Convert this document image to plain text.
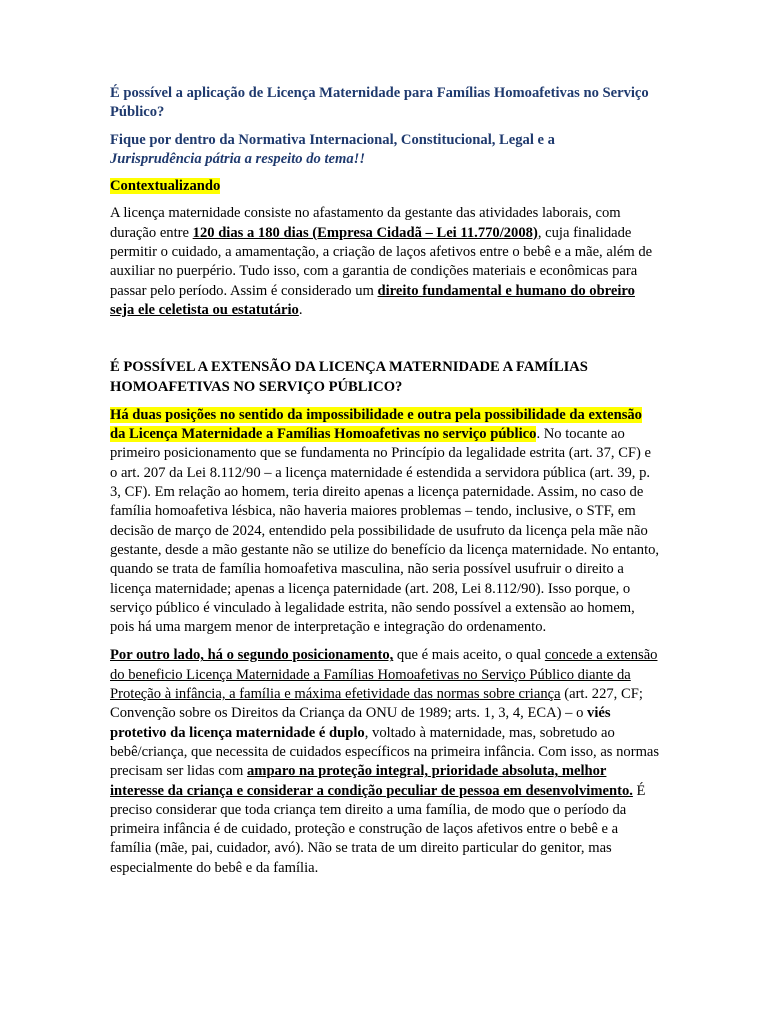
É possível a aplicação de Licença Maternidade para Famílias Homoafetivas no Serviço Público?

Fique por dentro da Normativa Internacional, Constitucional, Legal e a
Jurisprudência pátria a respeito do tema!!

Contextualizando

A licença maternidade consiste no afastamento da gestante das atividades laborais, com duração entre 120 dias a 180 dias (Empresa Cidadã – Lei 11.770/2008), cuja finalidade permitir o cuidado, a amamentação, a criação de laços afetivos entre o bebê e a mãe, além de auxiliar no puerpério. Tudo isso, com a garantia de condições materiais e econômicas para passar pelo período. Assim é considerado um direito fundamental e humano do obreiro seja ele celetista ou estatutário.

É POSSÍVEL A EXTENSÃO DA LICENÇA MATERNIDADE A FAMÍLIAS HOMOAFETIVAS NO SERVIÇO PÚBLICO?

Há duas posições no sentido da impossibilidade e outra pela possibilidade da extensão da Licença Maternidade a Famílias Homoafetivas no serviço público. No tocante ao primeiro posicionamento que se fundamenta no Princípio da legalidade estrita (art. 37, CF) e o art. 207 da Lei 8.112/90 – a licença maternidade é estendida a servidora pública (art. 39, p. 3, CF). Em relação ao homem, teria direito apenas a licença paternidade. Assim, no caso de família homoafetiva lésbica, não haveria maiores problemas – tendo, inclusive, o STF, em decisão de março de 2024, entendido pela possibilidade de usufruto da licença pela mãe não gestante, desde a mão gestante não se utilize do benefício da licença maternidade. No entanto, quando se trata de família homoafetiva masculina, não seria possível usufruir o direito a licença maternidade; apenas a licença paternidade (art. 208, Lei 8.112/90). Isso porque, o serviço público é vinculado à legalidade estrita, não sendo possível a extensão ao homem, pois há uma margem menor de interpretação e integração do ordenamento.

Por outro lado, há o segundo posicionamento, que é mais aceito, o qual concede a extensão do beneficio Licença Maternidade a Famílias Homoafetivas no Serviço Público diante da Proteção à infância, a família e máxima efetividade das normas sobre criança (art. 227, CF; Convenção sobre os Direitos da Criança da ONU de 1989; arts. 1, 3, 4, ECA) – o viés protetivo da licença maternidade é duplo, voltado à maternidade, mas, sobretudo ao bebê/criança, que necessita de cuidados específicos na primeira infância. Com isso, as normas precisam ser lidas com amparo na proteção integral, prioridade absoluta, melhor interesse da criança e considerar a condição peculiar de pessoa em desenvolvimento. É preciso considerar que toda criança tem direito a uma família, de modo que o período da primeira infância é de cuidado, proteção e construção de laços afetivos entre o bebê e a família (mãe, pai, cuidador, avó). Não se trata de um direito particular do genitor, mas especialmente do bebê e da família.
